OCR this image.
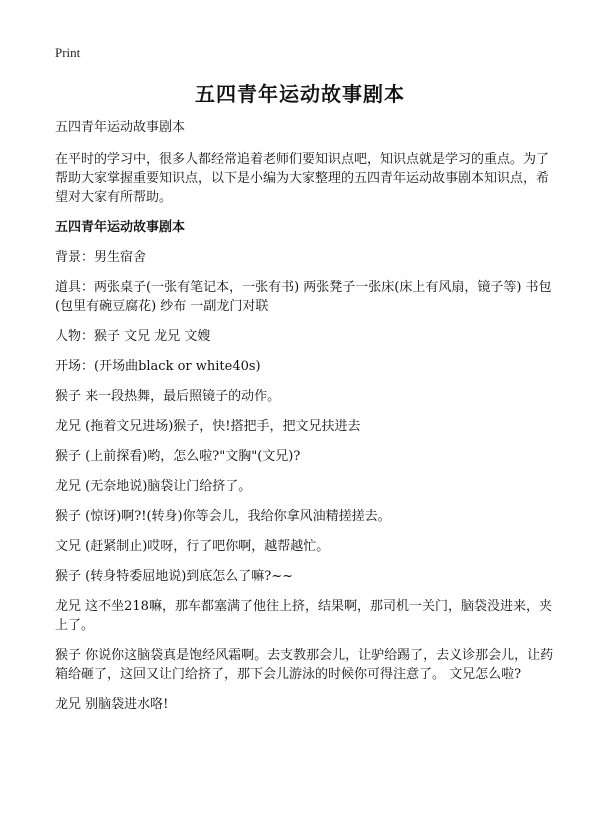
Print
五四青年运动故事剧本

五四青年运动故事剧本

在平时的学习中，很多人都经常追着老师们要知识点吧，知识点就是学习的重点。为了帮助大家掌握重要知识点，以下是小编为大家整理的五四青年运动故事剧本知识点，希望对大家有所帮助。

五四青年运动故事剧本

背景：男生宿舍

道具：两张桌子(一张有笔记本，一张有书) 两张凳子一张床(床上有风扇，镜子等) 书包(包里有碗豆腐花) 纱布 一副龙门对联

人物：猴子 文兄 龙兄 文嫂

开场：(开场曲black or white40s)

猴子 来一段热舞，最后照镜子的动作。

龙兄 (拖着文兄进场)猴子，快!搭把手，把文兄扶进去

猴子 (上前探看)哟，怎么啦?"文胸"(文兄)?

龙兄 (无奈地说)脑袋让门给挤了。

猴子 (惊讶)啊?!(转身)你等会儿，我给你拿风油精搓搓去。

文兄 (赶紧制止)哎呀，行了吧你啊，越帮越忙。

猴子 (转身特委屈地说)到底怎么了嘛?~~

龙兄 这不坐218嘛，那车都塞满了他往上挤，结果啊，那司机一关门，脑袋没进来，夹上了。

猴子 你说你这脑袋真是饱经风霜啊。去支教那会儿，让驴给踢了，去义诊那会儿，让药箱给砸了，这回又让门给挤了，那下会儿游泳的时候你可得注意了。 文兄怎么啦?

龙兄 别脑袋进水咯!
